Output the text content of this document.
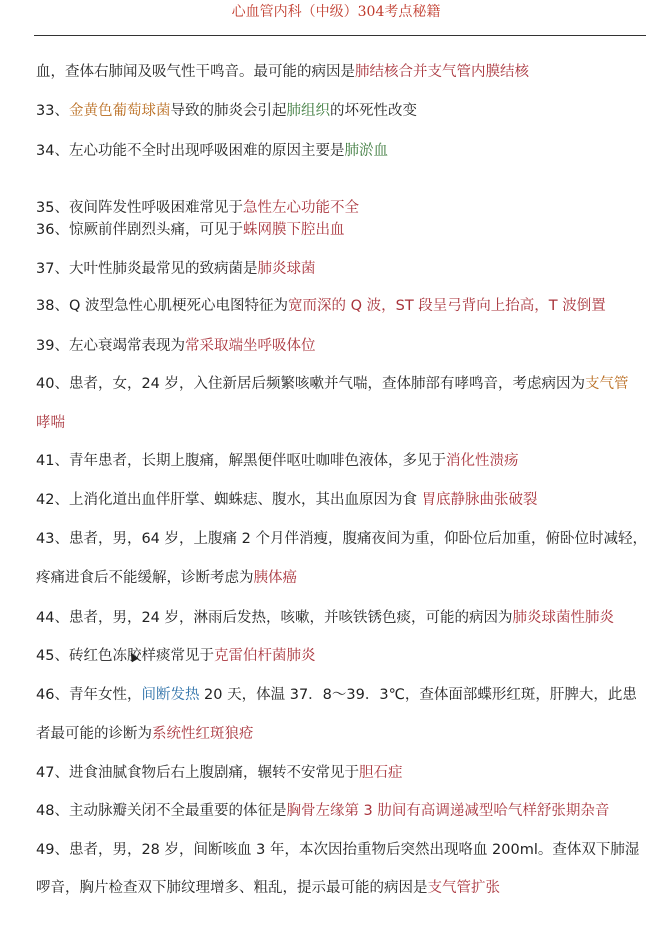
心血管内科（中级）304考点秘籍
血，查体右肺闻及吸气性干鸣音。最可能的病因是肺结核合并支气管内膜结核
33、金黄色葡萄球菌导致的肺炎会引起肺组织的坏死性改变
34、左心功能不全时出现呼吸困难的原因主要是肺淤血
35、夜间阵发性呼吸困难常见于急性左心功能不全
36、惊厥前伴剧烈头痛，可见于蛛网膜下腔出血
37、大叶性肺炎最常见的致病菌是肺炎球菌
38、Q 波型急性心肌梗死心电图特征为宽而深的 Q 波，ST 段呈弓背向上抬高，T 波倒置
39、左心衰竭常表现为常采取端坐呼吸体位
40、患者，女，24 岁，入住新居后频繁咳嗽并气喘，查体肺部有哮鸣音，考虑病因为支气管
哮喘
41、青年患者，长期上腹痛，解黑便伴呕吐咖啡色液体，多见于消化性溃疡
42、上消化道出血伴肝掌、蜘蛛痣、腹水，其出血原因为食 胃底静脉曲张破裂
43、患者，男，64 岁，上腹痛 2 个月伴消瘦，腹痛夜间为重，仰卧位后加重，俯卧位时减轻，
疼痛进食后不能缓解，诊断考虑为胰体癌
44、患者，男，24 岁，淋雨后发热，咳嗽，并咳铁锈色痰，可能的病因为肺炎球菌性肺炎
45、砖红色冻胶样痰常见于克雷伯杆菌肺炎
46、青年女性，间断发热 20 天，体温 37．8～39．3℃，查体面部蝶形红斑，肝脾大，此患
者最可能的诊断为系统性红斑狼疮
47、进食油腻食物后右上腹剧痛，辗转不安常见于胆石症
48、主动脉瓣关闭不全最重要的体征是胸骨左缘第 3 肋间有高调递减型哈气样舒张期杂音
49、患者，男，28 岁，间断咳血 3 年，本次因抬重物后突然出现咯血 200ml。查体双下肺湿
啰音，胸片检查双下肺纹理增多、粗乱，提示最可能的病因是支气管扩张
